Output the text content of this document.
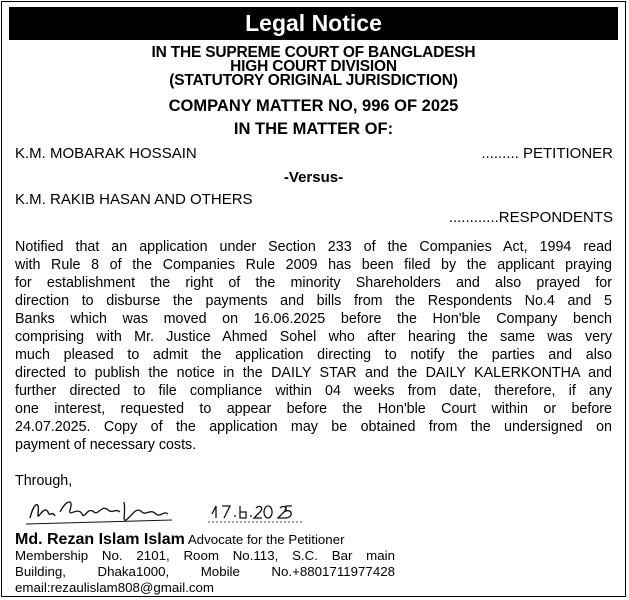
Legal Notice
IN THE SUPREME COURT OF BANGLADESH
HIGH COURT DIVISION
(STATUTORY ORIGINAL JURISDICTION)
COMPANY MATTER NO, 996 OF 2025
IN THE MATTER OF:
K.M. MOBARAK HOSSAIN	......... PETITIONER
-Versus-
K.M. RAKIB HASAN AND OTHERS
............RESPONDENTS
Notified that an application under Section 233 of the Companies Act, 1994 read
with Rule 8 of the Companies Rule 2009 has been filed by the applicant praying
for establishment the right of the minority Shareholders and also prayed for
direction to disburse the payments and bills from the Respondents No.4 and 5
Banks which was moved on 16.06.2025 before the Hon'ble Company bench
comprising with Mr. Justice Ahmed Sohel who after hearing the same was very
much pleased to admit the application directing to notify the parties and also
directed to publish the notice in the DAILY STAR and the DAILY KALERKONTHA and
further directed to file compliance within 04 weeks from date, therefore, if any
one interest, requested to appear before the Hon'ble Court within or before
24.07.2025. Copy of the application may be obtained from the undersigned on
payment of necessary costs.
Through,
Md. Rezan Islam Islam Advocate for the Petitioner
Membership No. 2101, Room No.113, S.C. Bar main
Building, Dhaka1000, Mobile No.+8801711977428
email:rezaulislam808@gmail.com
